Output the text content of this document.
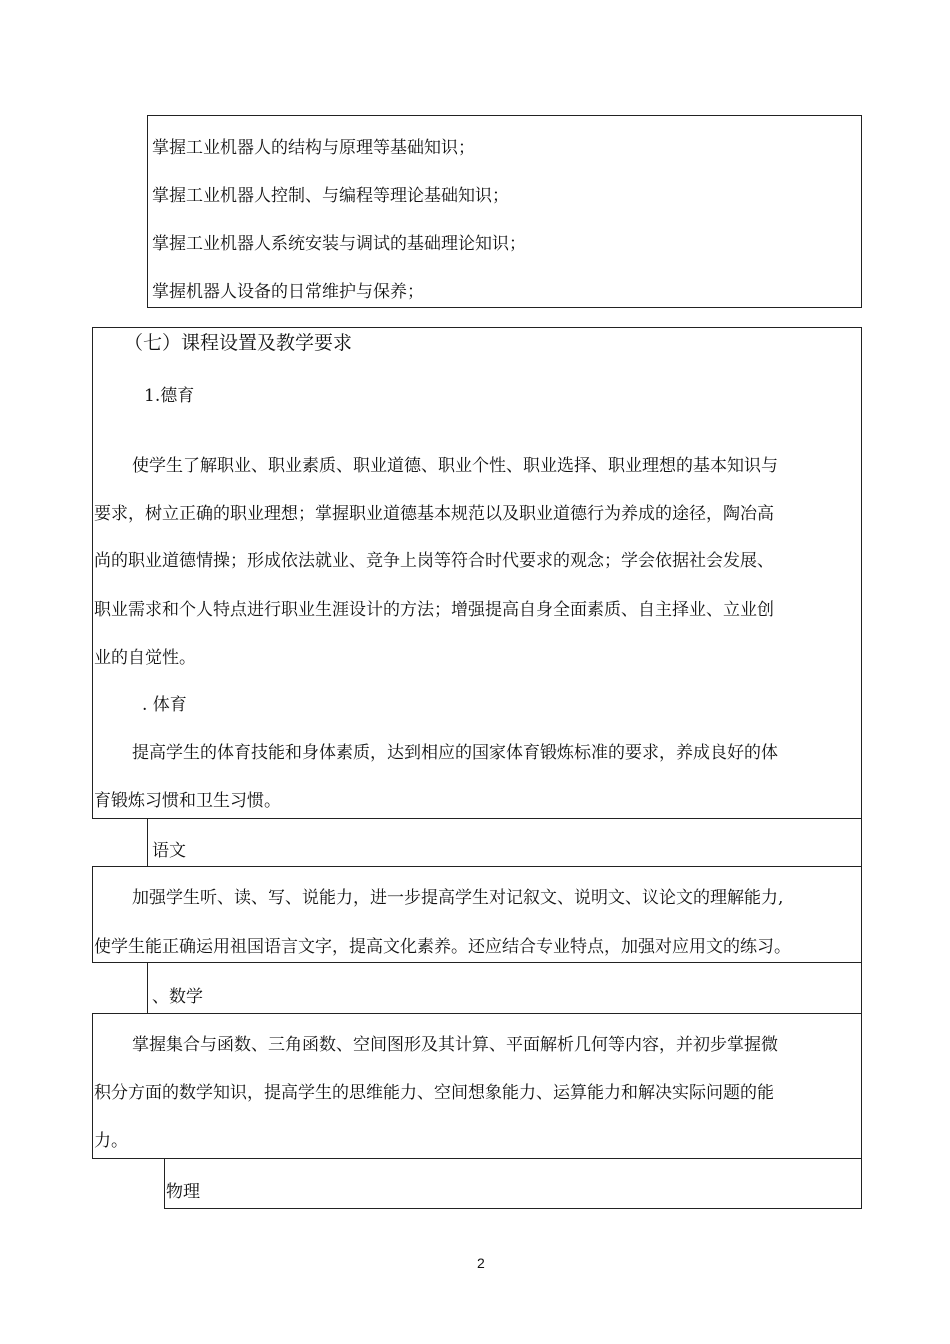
掌握工业机器人的结构与原理等基础知识；
掌握工业机器人控制、与编程等理论基础知识；
掌握工业机器人系统安装与调试的基础理论知识；
掌握机器人设备的日常维护与保养；
（七）课程设置及教学要求
1.德育
使学生了解职业、职业素质、职业道德、职业个性、职业选择、职业理想的基本知识与
要求，树立正确的职业理想；掌握职业道德基本规范以及职业道德行为养成的途径，陶冶高
尚的职业道德情操；形成依法就业、竞争上岗等符合时代要求的观念；学会依据社会发展、
职业需求和个人特点进行职业生涯设计的方法；增强提高自身全面素质、自主择业、立业创
业的自觉性。
. 体育
提高学生的体育技能和身体素质，达到相应的国家体育锻炼标准的要求，养成良好的体
育锻炼习惯和卫生习惯。
语文
加强学生听、读、写、说能力，进一步提高学生对记叙文、说明文、议论文的理解能力,
使学生能正确运用祖国语言文字，提高文化素养。还应结合专业特点，加强对应用文的练习。
、数学
掌握集合与函数、三角函数、空间图形及其计算、平面解析几何等内容，并初步掌握微
积分方面的数学知识，提高学生的思维能力、空间想象能力、运算能力和解决实际问题的能
力。
物理
2
